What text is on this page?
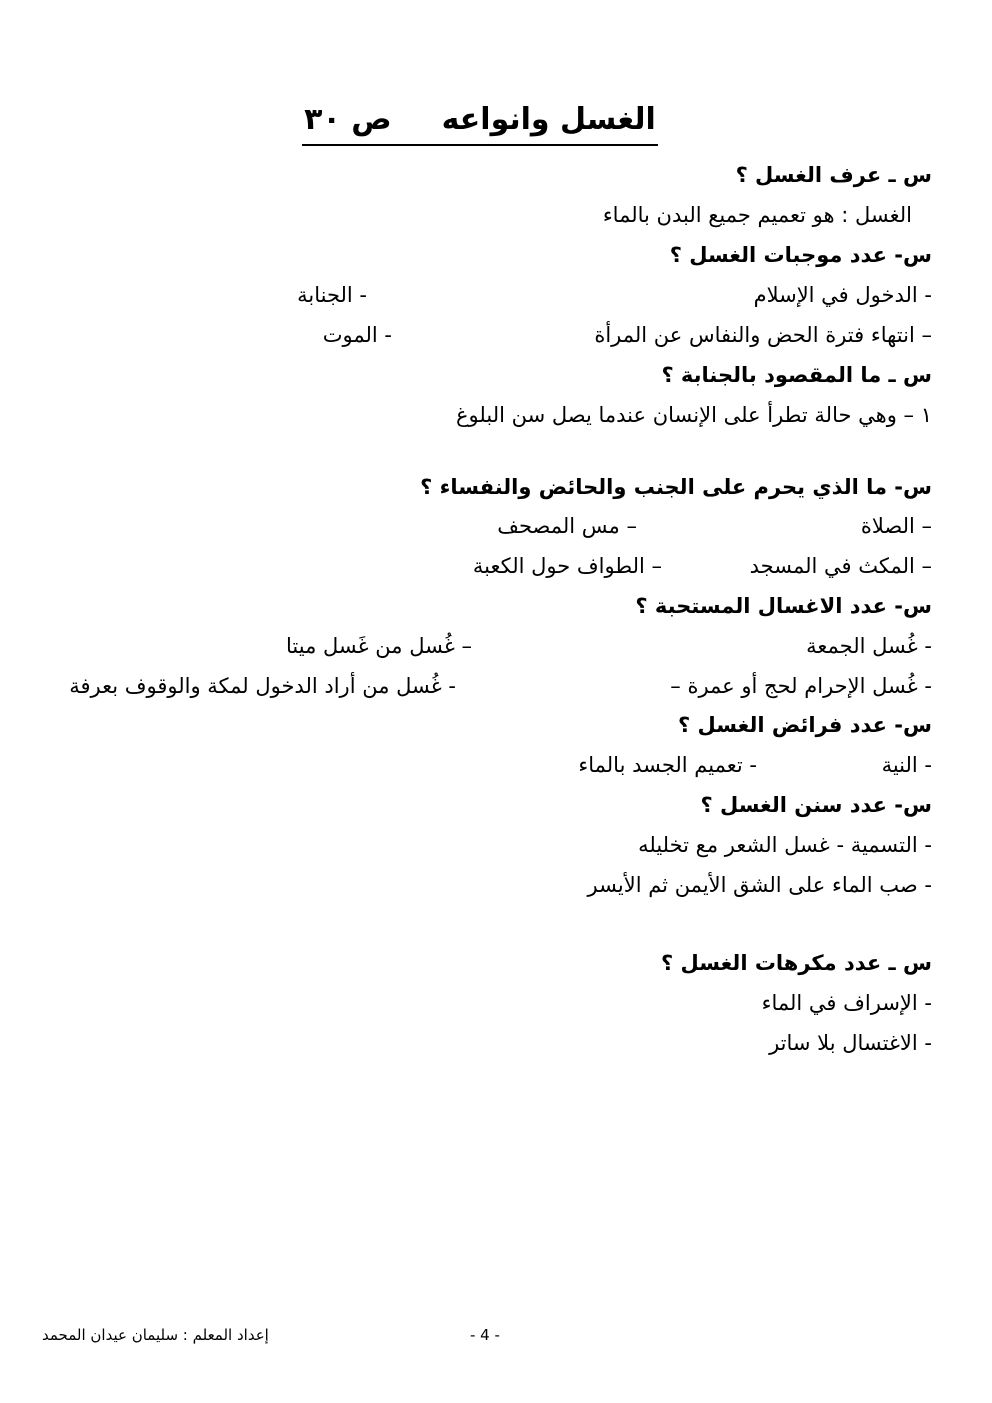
الغسل وانواعهص ٣٠
س ـ عرف الغسل ؟
الغسل : هو تعميم جميع البدن بالماء
س- عدد موجبات الغسل ؟
- الدخول في الإسلام
- الجنابة
– انتهاء فترة الحض والنفاس عن المرأة
- الموت
س ـ ما المقصود بالجنابة ؟
١ – وهي حالة تطرأ على الإنسان عندما يصل سن البلوغ
س- ما الذي يحرم على الجنب والحائض والنفساء ؟
– الصلاة
– مس المصحف
– المكث في المسجد
– الطواف حول الكعبة
س- عدد الاغسال المستحبة ؟
- غُسل الجمعة
– غُسل من غَسل ميتا
- غُسل الإحرام لحج أو عمرة –
- غُسل من أراد الدخول لمكة والوقوف بعرفة
س- عدد فرائض الغسل ؟
- النية
- تعميم الجسد بالماء
س- عدد سنن الغسل ؟
- التسمية - غسل الشعر مع تخليله
- صب الماء على الشق الأيمن ثم الأيسر
س ـ عدد مكرهات الغسل ؟
- الإسراف في الماء
- الاغتسال بلا ساتر
إعداد المعلم : سليمان عيدان المحمد	- 4 -
